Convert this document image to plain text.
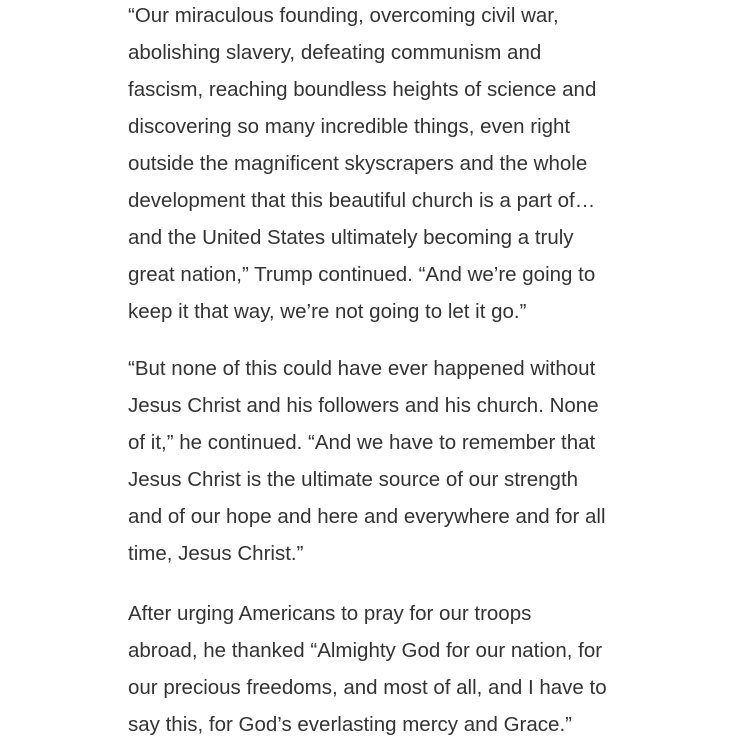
“Our miraculous founding, overcoming civil war,
abolishing slavery, defeating communism and
fascism, reaching boundless heights of science and
discovering so many incredible things, even right
outside the magnificent skyscrapers and the whole
development that this beautiful church is a part of…
and the United States ultimately becoming a truly
great nation,” Trump continued. “And we’re going to
keep it that way, we’re not going to let it go.”

“But none of this could have ever happened without
Jesus Christ and his followers and his church. None
of it,” he continued. “And we have to remember that
Jesus Christ is the ultimate source of our strength
and of our hope and here and everywhere and for all
time, Jesus Christ.”

After urging Americans to pray for our troops
abroad, he thanked “Almighty God for our nation, for
our precious freedoms, and most of all, and I have to
say this, for God’s everlasting mercy and Grace.”
